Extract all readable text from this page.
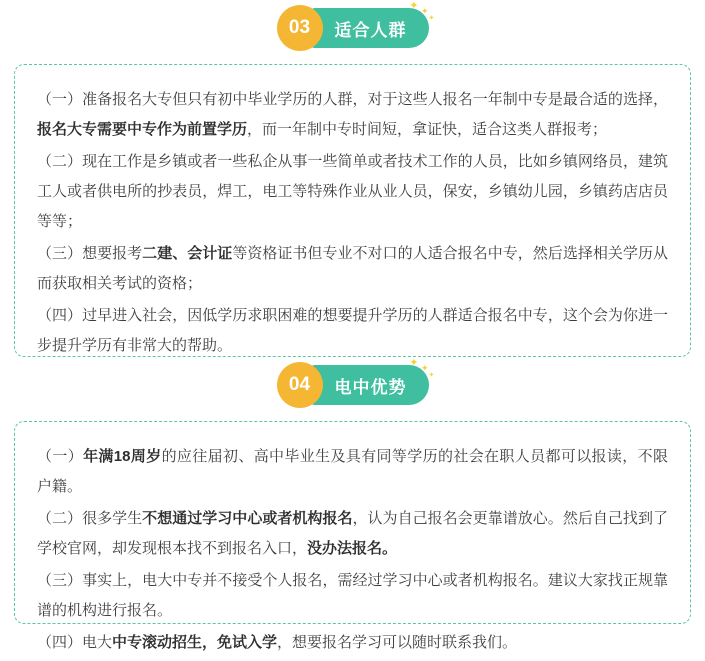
03	适合人群
✦ ✦
✦

（一）准备报名大专但只有初中毕业学历的人群，对于这些人报名一年制中专是最合适的选择，报名大专需要中专作为前置学历，而一年制中专时间短，拿证快，适合这类人群报考；

（二）现在工作是乡镇或者一些私企从事一些简单或者技术工作的人员，比如乡镇网络员，建筑工人或者供电所的抄表员，焊工，电工等特殊作业从业人员，保安，乡镇幼儿园，乡镇药店店员等等；

（三）想要报考二建、会计证等资格证书但专业不对口的人适合报名中专，然后选择相关学历从而获取相关考试的资格；

（四）过早进入社会，因低学历求职困难的想要提升学历的人群适合报名中专，这个会为你进一步提升学历有非常大的帮助。

04	电中优势
✦ ✦
✦

（一）年满18周岁的应往届初、高中毕业生及具有同等学历的社会在职人员都可以报读，不限户籍。

（二）很多学生不想通过学习中心或者机构报名，认为自己报名会更靠谱放心。然后自己找到了学校官网，却发现根本找不到报名入口，没办法报名。

（三）事实上，电大中专并不接受个人报名，需经过学习中心或者机构报名。建议大家找正规靠谱的机构进行报名。

（四）电大中专滚动招生，免试入学，想要报名学习可以随时联系我们。
